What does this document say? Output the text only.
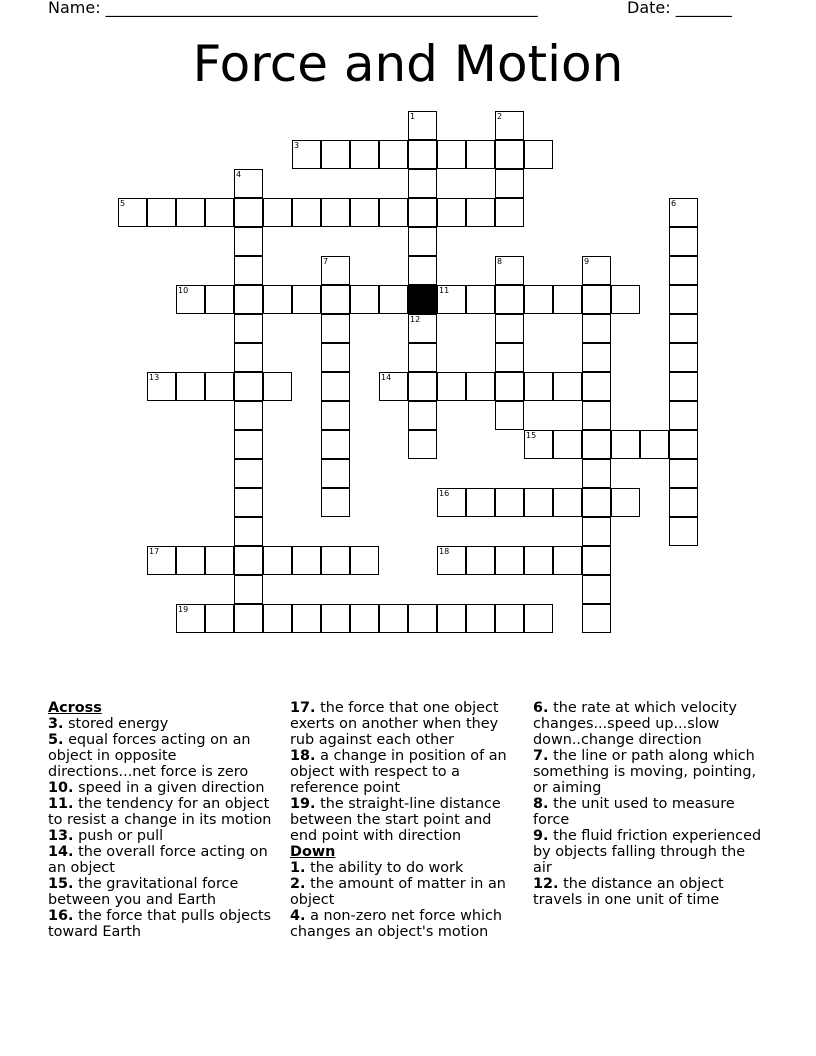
Name: ______________________________________________________	Date: _______
Force and Motion
1
12
2
3
4
5	6
7	8	9
10	11
13	14
15
16
17	18
19
Across
3. stored energy
5. equal forces acting on an object in opposite directions...net force is zero
10. speed in a given direction
11. the tendency for an object to resist a change in its motion
13. push or pull
14. the overall force acting on an object
15. the gravitational force between you and Earth
16. the force that pulls objects toward Earth
17. the force that one object exerts on another when they rub against each other
18. a change in position of an object with respect to a reference point
19. the straight-line distance between the start point and end point with direction
Down
1. the ability to do work
2. the amount of matter in an object
4. a non-zero net force which changes an object's motion
6. the rate at which velocity changes...speed up...slow down..change direction
7. the line or path along which something is moving, pointing, or aiming
8. the unit used to measure force
9. the fluid friction experienced by objects falling through the air
12. the distance an object travels in one unit of time
